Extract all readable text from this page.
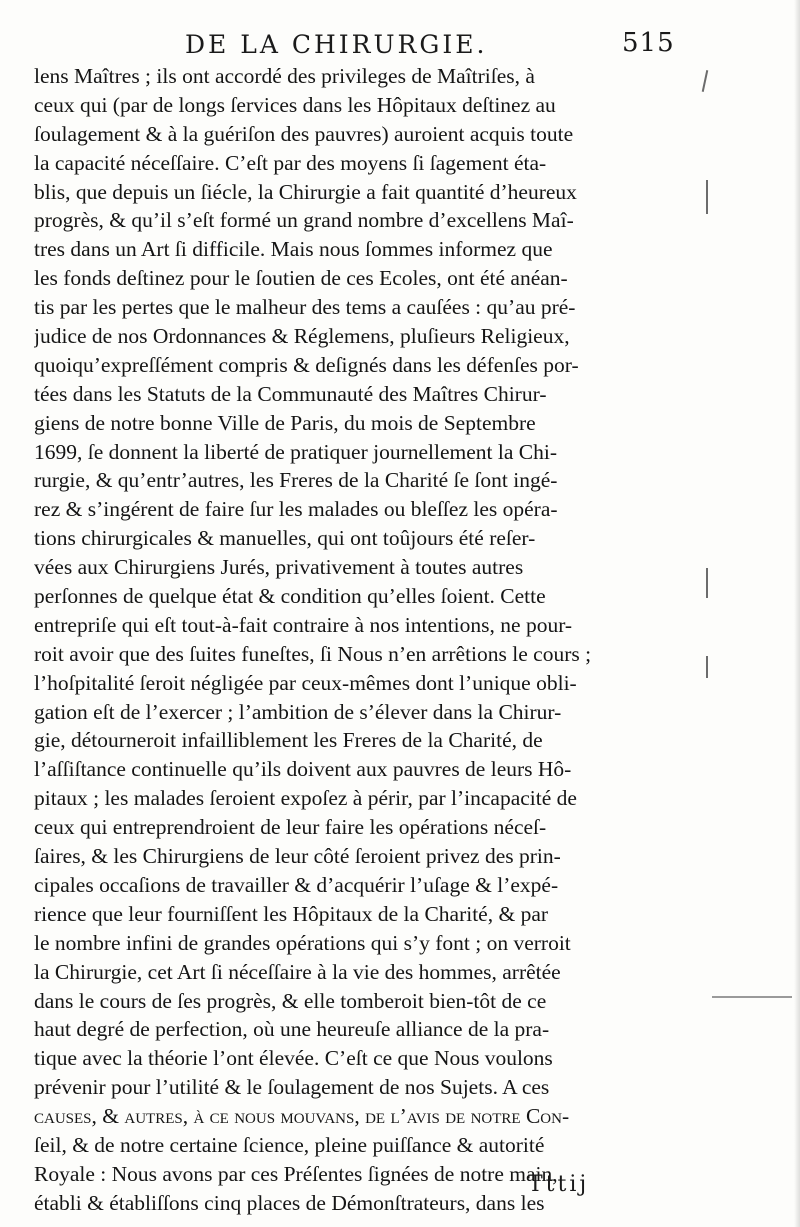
DE LA CHIRURGIE.	515
lens Maîtres ; ils ont accordé des privileges de Maîtriſes, à
ceux qui (par de longs ſervices dans les Hôpitaux deſtinez au
ſoulagement & à la guériſon des pauvres) auroient acquis toute
la capacité néceſſaire. C’eſt par des moyens ſi ſagement éta-
blis, que depuis un ſiécle, la Chirurgie a fait quantité d’heureux
progrès, & qu’il s’eſt formé un grand nombre d’excellens Maî-
tres dans un Art ſi difficile. Mais nous ſommes informez que
les fonds deſtinez pour le ſoutien de ces Ecoles, ont été anéan-
tis par les pertes que le malheur des tems a cauſées : qu’au pré-
judice de nos Ordonnances & Réglemens, pluſieurs Religieux,
quoiqu’expreſſément compris & deſignés dans les défenſes por-
tées dans les Statuts de la Communauté des Maîtres Chirur-
giens de notre bonne Ville de Paris, du mois de Septembre
1699, ſe donnent la liberté de pratiquer journellement la Chi-
rurgie, & qu’entr’autres, les Freres de la Charité ſe ſont ingé-
rez & s’ingérent de faire ſur les malades ou bleſſez les opéra-
tions chirurgicales & manuelles, qui ont toûjours été reſer-
vées aux Chirurgiens Jurés, privativement à toutes autres
perſonnes de quelque état & condition qu’elles ſoient. Cette
entrepriſe qui eſt tout-à-fait contraire à nos intentions, ne pour-
roit avoir que des ſuites funeſtes, ſi Nous n’en arrêtions le cours ;
l’hoſpitalité ſeroit négligée par ceux-mêmes dont l’unique obli-
gation eſt de l’exercer ; l’ambition de s’élever dans la Chirur-
gie, détourneroit infailliblement les Freres de la Charité, de
l’aſſiſtance continuelle qu’ils doivent aux pauvres de leurs Hô-
pitaux ; les malades ſeroient expoſez à périr, par l’incapacité de
ceux qui entreprendroient de leur faire les opérations néceſ-
ſaires, & les Chirurgiens de leur côté ſeroient privez des prin-
cipales occaſions de travailler & d’acquérir l’uſage & l’expé-
rience que leur fourniſſent les Hôpitaux de la Charité, & par
le nombre infini de grandes opérations qui s’y font ; on verroit
la Chirurgie, cet Art ſi néceſſaire à la vie des hommes, arrêtée
dans le cours de ſes progrès, & elle tomberoit bien-tôt de ce
haut degré de perfection, où une heureuſe alliance de la pra-
tique avec la théorie l’ont élevée. C’eſt ce que Nous voulons
prévenir pour l’utilité & le ſoulagement de nos Sujets. A ces
causes, & autres, à ce nous mouvans, de l’avis de notre Con-
ſeil, & de notre certaine ſcience, pleine puiſſance & autorité
Royale : Nous avons par ces Préſentes ſignées de notre main,
établi & établiſſons cinq places de Démonſtrateurs, dans les
Tttij
